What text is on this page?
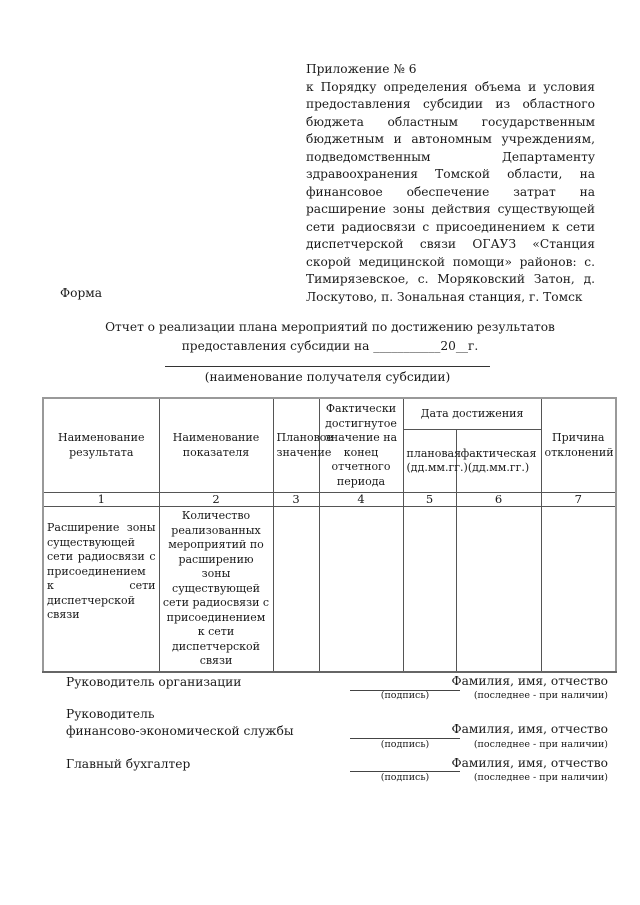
Приложение № 6
к Порядку определения объема и условия предоставления субсидии из областного бюджета областным государственным бюджетным и автономным учреждениям, подведомственным Департаменту здравоохранения Томской области, на финансовое обеспечение затрат на расширение зоны действия существующей сети радиосвязи с присоединением к сети диспетчерской связи ОГАУЗ «Станция скорой медицинской помощи» районов: с. Тимирязевское, с. Моряковский Затон, д. Лоскутово, п. Зональная станция, г. Томск
Форма
Отчет о реализации плана мероприятий по достижению результатов
предоставления субсидии на ___________20__г.
(наименование получателя субсидии)
Наименование результата	Наименование показателя	Плановое значение	Фактически достигнутое значение на конец отчетного периода	Дата достижения		Причина отклонений
				плановая (дд.мм.гг.)	фактическая (дд.мм.гг.)	
1	2	3	4	5	6	7
Расширение зоны существующей сети радиосвязи с присоединением к сети диспетчерской связи	Количество реализованных мероприятий по расширению зоны существующей сети радиосвязи с присоединением к сети диспетчерской связи					
Руководитель организации
(подпись)
Фамилия, имя, отчество
(последнее - при наличии)
Руководитель
финансово-экономической службы
(подпись)
Фамилия, имя, отчество
(последнее - при наличии)
Главный бухгалтер
(подпись)
Фамилия, имя, отчество
(последнее - при наличии)
